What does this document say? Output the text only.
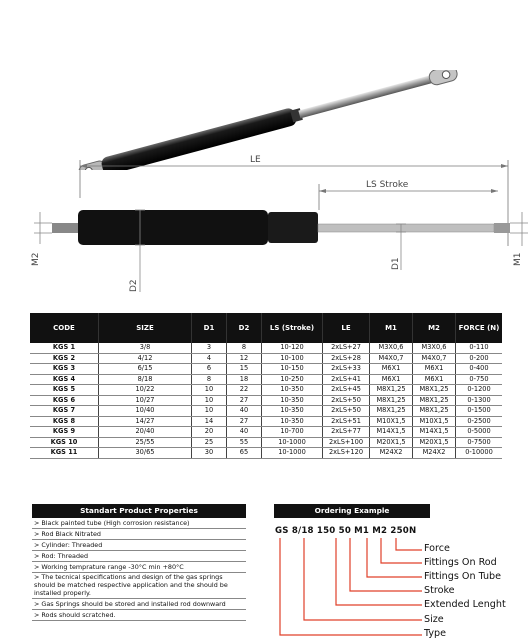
LE
LS Stroke
D2
D1
M2	M1
CODE	SIZE	D1	D2	LS (Stroke)	LE	M1	M2	FORCE (N)
KGS 1	3/8	3	8	10-120	2xLS+27	M3X0,6	M3X0,6	0-110
KGS 2	4/12	4	12	10-100	2xLS+28	M4X0,7	M4X0,7	0-200
KGS 3	6/15	6	15	10-150	2xLS+33	M6X1	M6X1	0-400
KGS 4	8/18	8	18	10-250	2xLS+41	M6X1	M6X1	0-750
KGS 5	10/22	10	22	10-350	2xLS+45	M8X1,25	M8X1,25	0-1200
KGS 6	10/27	10	27	10-350	2xLS+50	M8X1,25	M8X1,25	0-1300
KGS 7	10/40	10	40	10-350	2xLS+50	M8X1,25	M8X1,25	0-1500
KGS 8	14/27	14	27	10-350	2xLS+51	M10X1,5	M10X1,5	0-2500
KGS 9	20/40	20	40	10-700	2xLS+77	M14X1,5	M14X1,5	0-5000
KGS 10	25/55	25	55	10-1000	2xLS+100	M20X1,5	M20X1,5	0-7500
KGS 11	30/65	30	65	10-1000	2xLS+120	M24X2	M24X2	0-10000
Standart Product Properties
> Black painted tube (High corrosion resistance)
> Rod Black Nitrated
> Cylinder: Threaded
> Rod: Threaded
> Working temprature range -30°C min +80°C
> The tecnical specifications and design of the gas springs should be matched respective application and the should be installed properly.
> Gas Springs should be stored and installed rod downward
> Rods should scratched.
Ordering Example
GS 8/18 150 50 M1 M2 250N
Force
Fittings On Rod
Fittings On Tube
Stroke
Extended Lenght
Size
Type
